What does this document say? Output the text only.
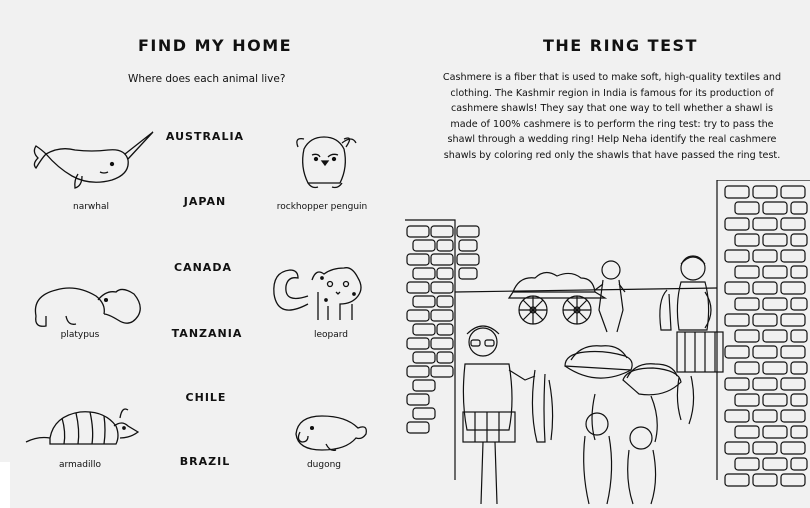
FIND MY HOME
Where does each animal live?
AUSTRALIA
JAPAN
CANADA
TANZANIA
CHILE
BRAZIL
narwhal	rockhopper penguin
platypus	leopard
armadillo	dugong
THE RING TEST
Cashmere is a fiber that is used to make soft, high-quality textiles and clothing. The Kashmir region in India is famous for its production of cashmere shawls! They say that one way to tell whether a shawl is made of 100% cashmere is to perform the ring test: try to pass the shawl through a wedding ring! Help Neha identify the real cashmere shawls by coloring red only the shawls that have passed the ring test.
